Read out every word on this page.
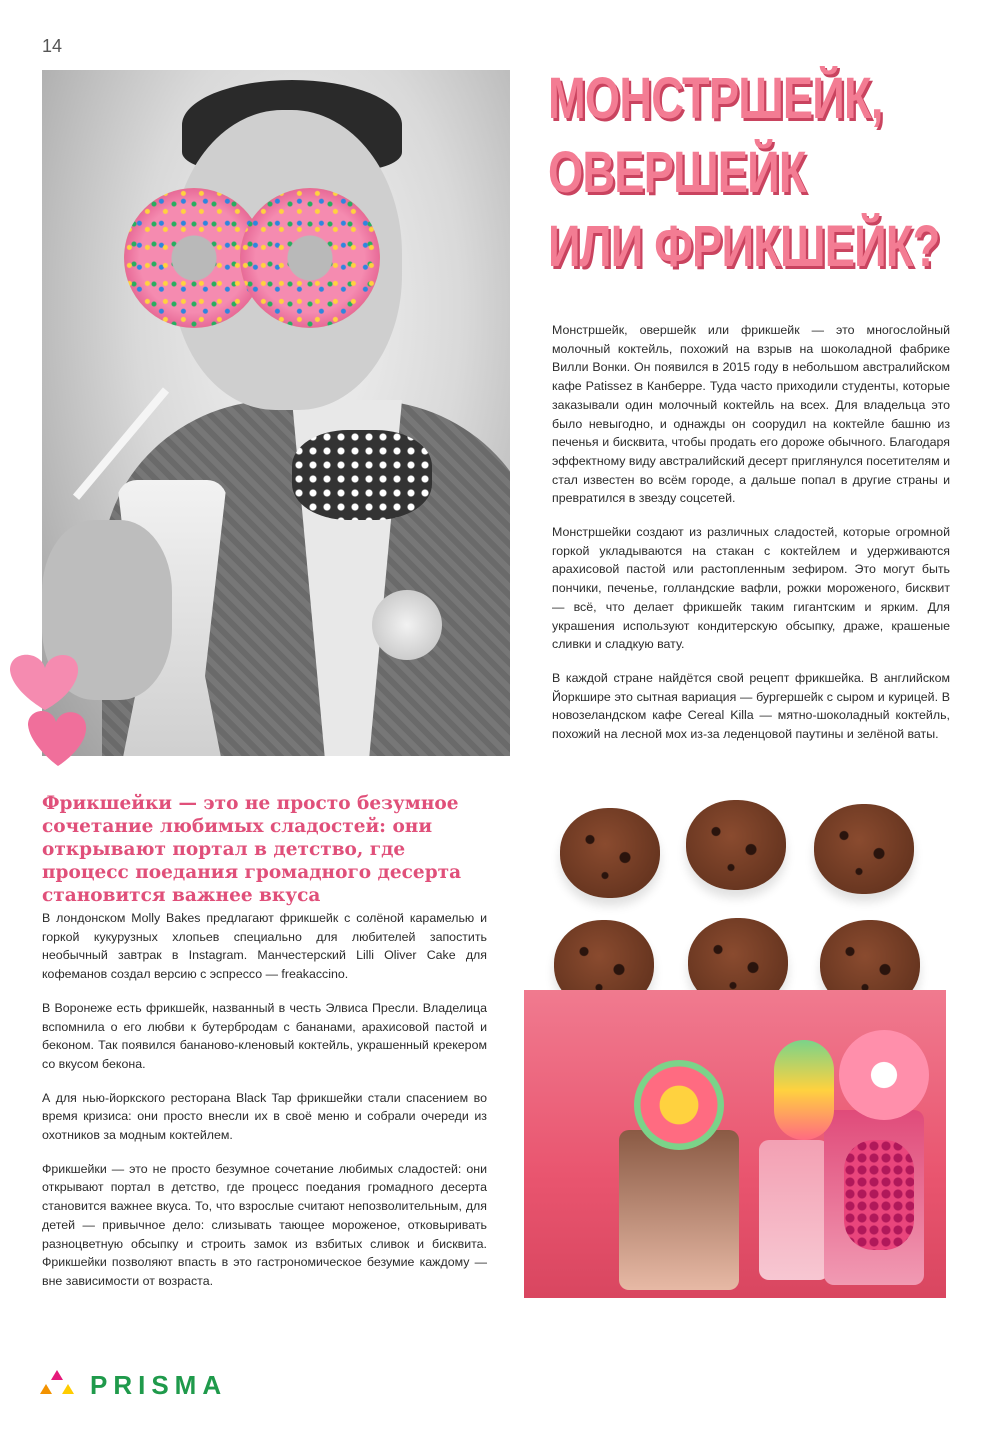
14
МОНСТРШЕЙК,
ОВЕРШЕЙК
ИЛИ ФРИКШЕЙК?

Монстршейк, овершейк или фрикшейк — это многослойный молочный коктейль, похожий на взрыв на шоколадной фабрике Вилли Вонки. Он появился в 2015 году в небольшом австралийском кафе Patissez в Канберре. Туда часто приходили студенты, которые заказывали один молочный коктейль на всех. Для владельца это было невыгодно, и однажды он соорудил на коктейле башню из печенья и бисквита, чтобы продать его дороже обычного. Благодаря эффектному виду австралийский десерт приглянулся посетителям и стал известен во всём городе, а дальше попал в другие страны и превратился в звезду соцсетей.

Монстршейки создают из различных сладостей, которые огромной горкой укладываются на стакан с коктейлем и удерживаются арахисовой пастой или растопленным зефиром. Это могут быть пончики, печенье, голландские вафли, рожки мороженого, бисквит — всё, что делает фрикшейк таким гигантским и ярким. Для украшения используют кондитерскую обсыпку, драже, крашеные сливки и сладкую вату.

В каждой стране найдётся свой рецепт фрикшейка. В английском Йоркшире это сытная вариация — бургершейк с сыром и курицей. В новозеландском кафе Cereal Killa — мятно-шоколадный коктейль, похожий на лесной мох из-за леденцовой паутины и зелёной ваты.

Фрикшейки — это не просто безумное сочетание любимых сладостей: они открывают портал в детство, где процесс поедания громадного десерта становится важнее вкуса

В лондонском Molly Bakes предлагают фрикшейк с солёной карамелью и горкой кукурузных хлопьев специально для любителей запостить необычный завтрак в Instagram. Манчестерский Lilli Oliver Cake для кофеманов создал версию с эспрессо — freakaccino.

В Воронеже есть фрикшейк, названный в честь Элвиса Пресли. Владелица вспомнила о его любви к бутербродам с бананами, арахисовой пастой и беконом. Так появился бананово-кленовый коктейль, украшенный крекером со вкусом бекона.

А для нью-йоркского ресторана Black Tap фрикшейки стали спасением во время кризиса: они просто внесли их в своё меню и собрали очереди из охотников за модным коктейлем.

Фрикшейки — это не просто безумное сочетание любимых сладостей: они открывают портал в детство, где процесс поедания громадного десерта становится важнее вкуса. То, что взрослые считают непозволительным, для детей — привычное дело: слизывать тающее мороженое, отковыривать разноцветную обсыпку и строить замок из взбитых сливок и бисквита. Фрикшейки позволяют впасть в это гастрономическое безумие каждому — вне зависимости от возраста.

PRISMA
